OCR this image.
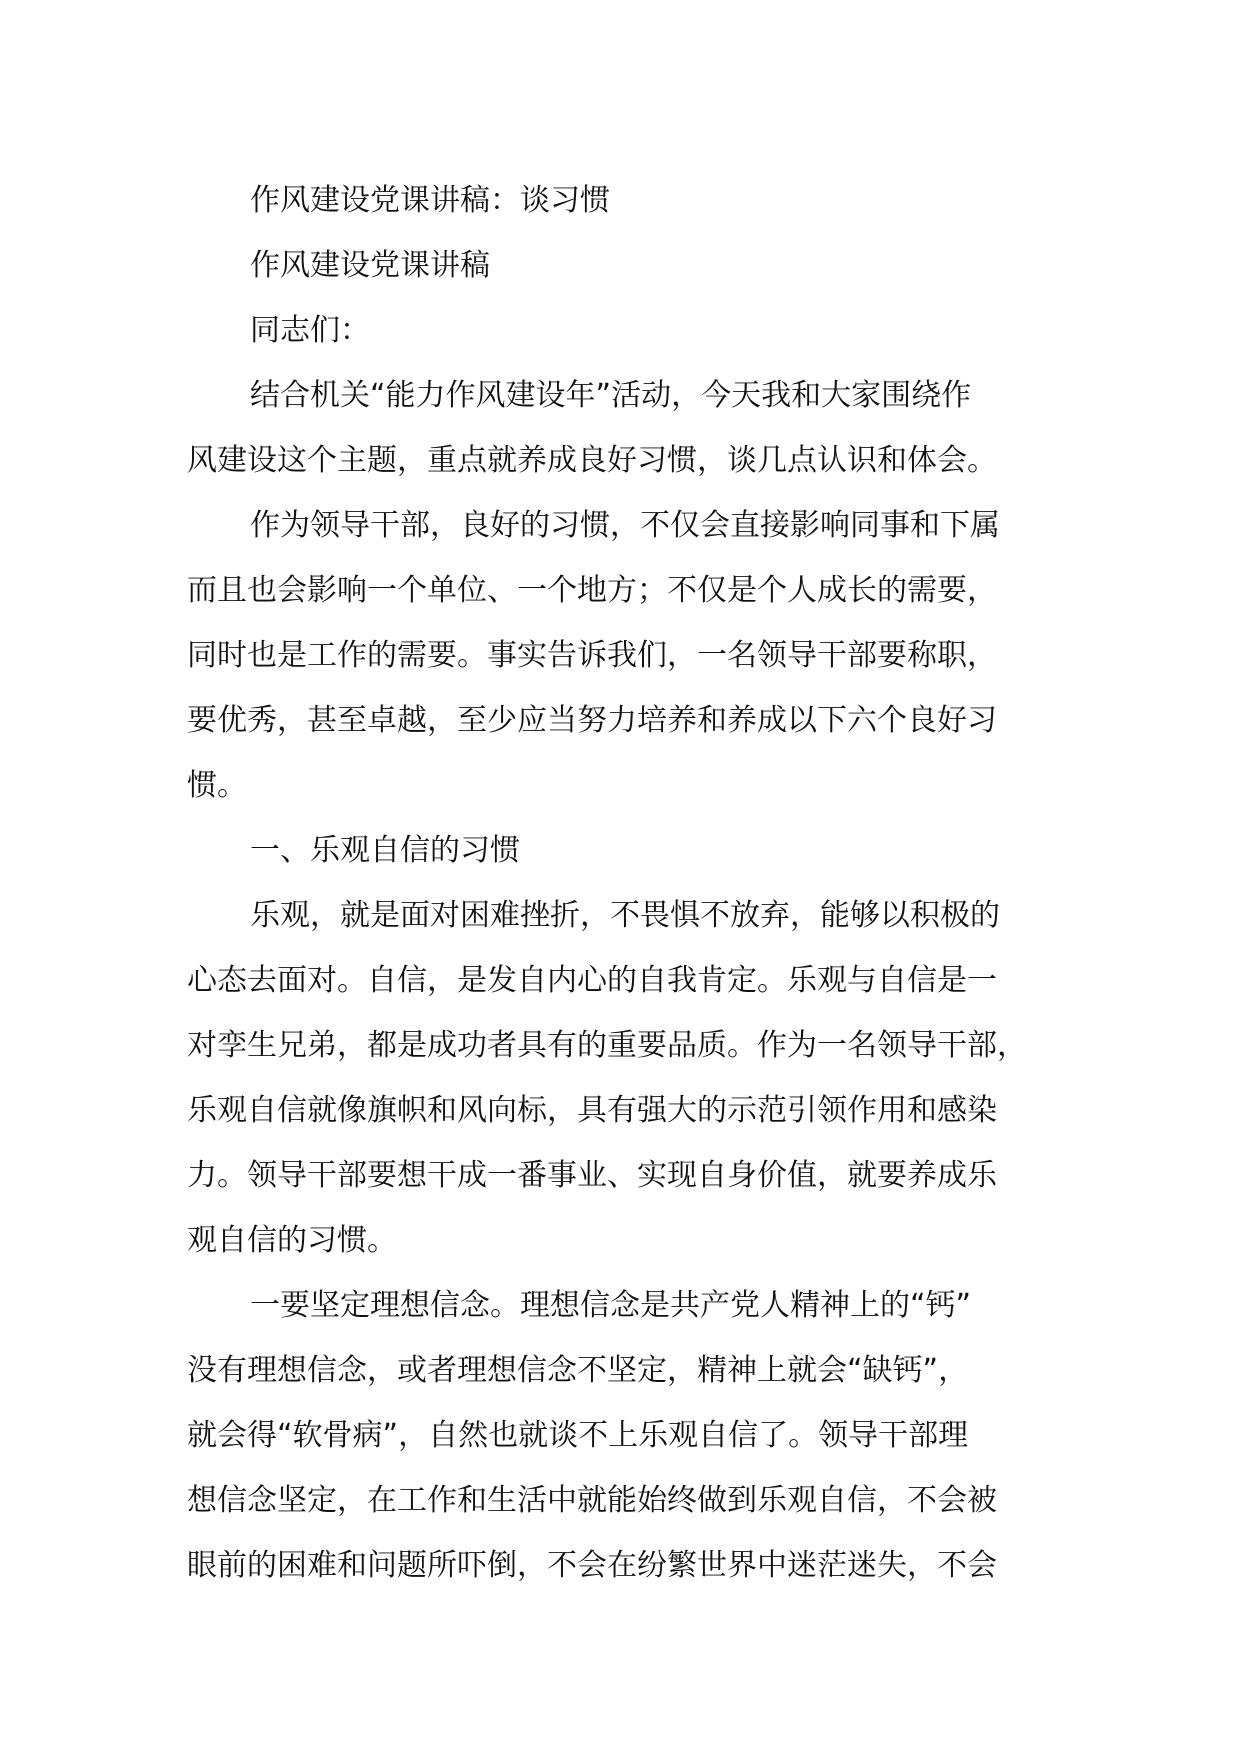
作风建设党课讲稿：谈习惯
作风建设党课讲稿
同志们：
结合机关“能力作风建设年”活动，今天我和大家围绕作
风建设这个主题，重点就养成良好习惯，谈几点认识和体会。
作为领导干部，良好的习惯，不仅会直接影响同事和下属
而且也会影响一个单位、一个地方；不仅是个人成长的需要，
同时也是工作的需要。事实告诉我们，一名领导干部要称职，
要优秀，甚至卓越，至少应当努力培养和养成以下六个良好习
惯。
一、乐观自信的习惯
乐观，就是面对困难挫折，不畏惧不放弃，能够以积极的
心态去面对。自信，是发自内心的自我肯定。乐观与自信是一
对孪生兄弟，都是成功者具有的重要品质。作为一名领导干部，
乐观自信就像旗帜和风向标，具有强大的示范引领作用和感染
力。领导干部要想干成一番事业、实现自身价值，就要养成乐
观自信的习惯。
一要坚定理想信念。理想信念是共产党人精神上的“钙”
没有理想信念，或者理想信念不坚定，精神上就会“缺钙”，
就会得“软骨病”，自然也就谈不上乐观自信了。领导干部理
想信念坚定，在工作和生活中就能始终做到乐观自信，不会被
眼前的困难和问题所吓倒，不会在纷繁世界中迷茫迷失，不会
